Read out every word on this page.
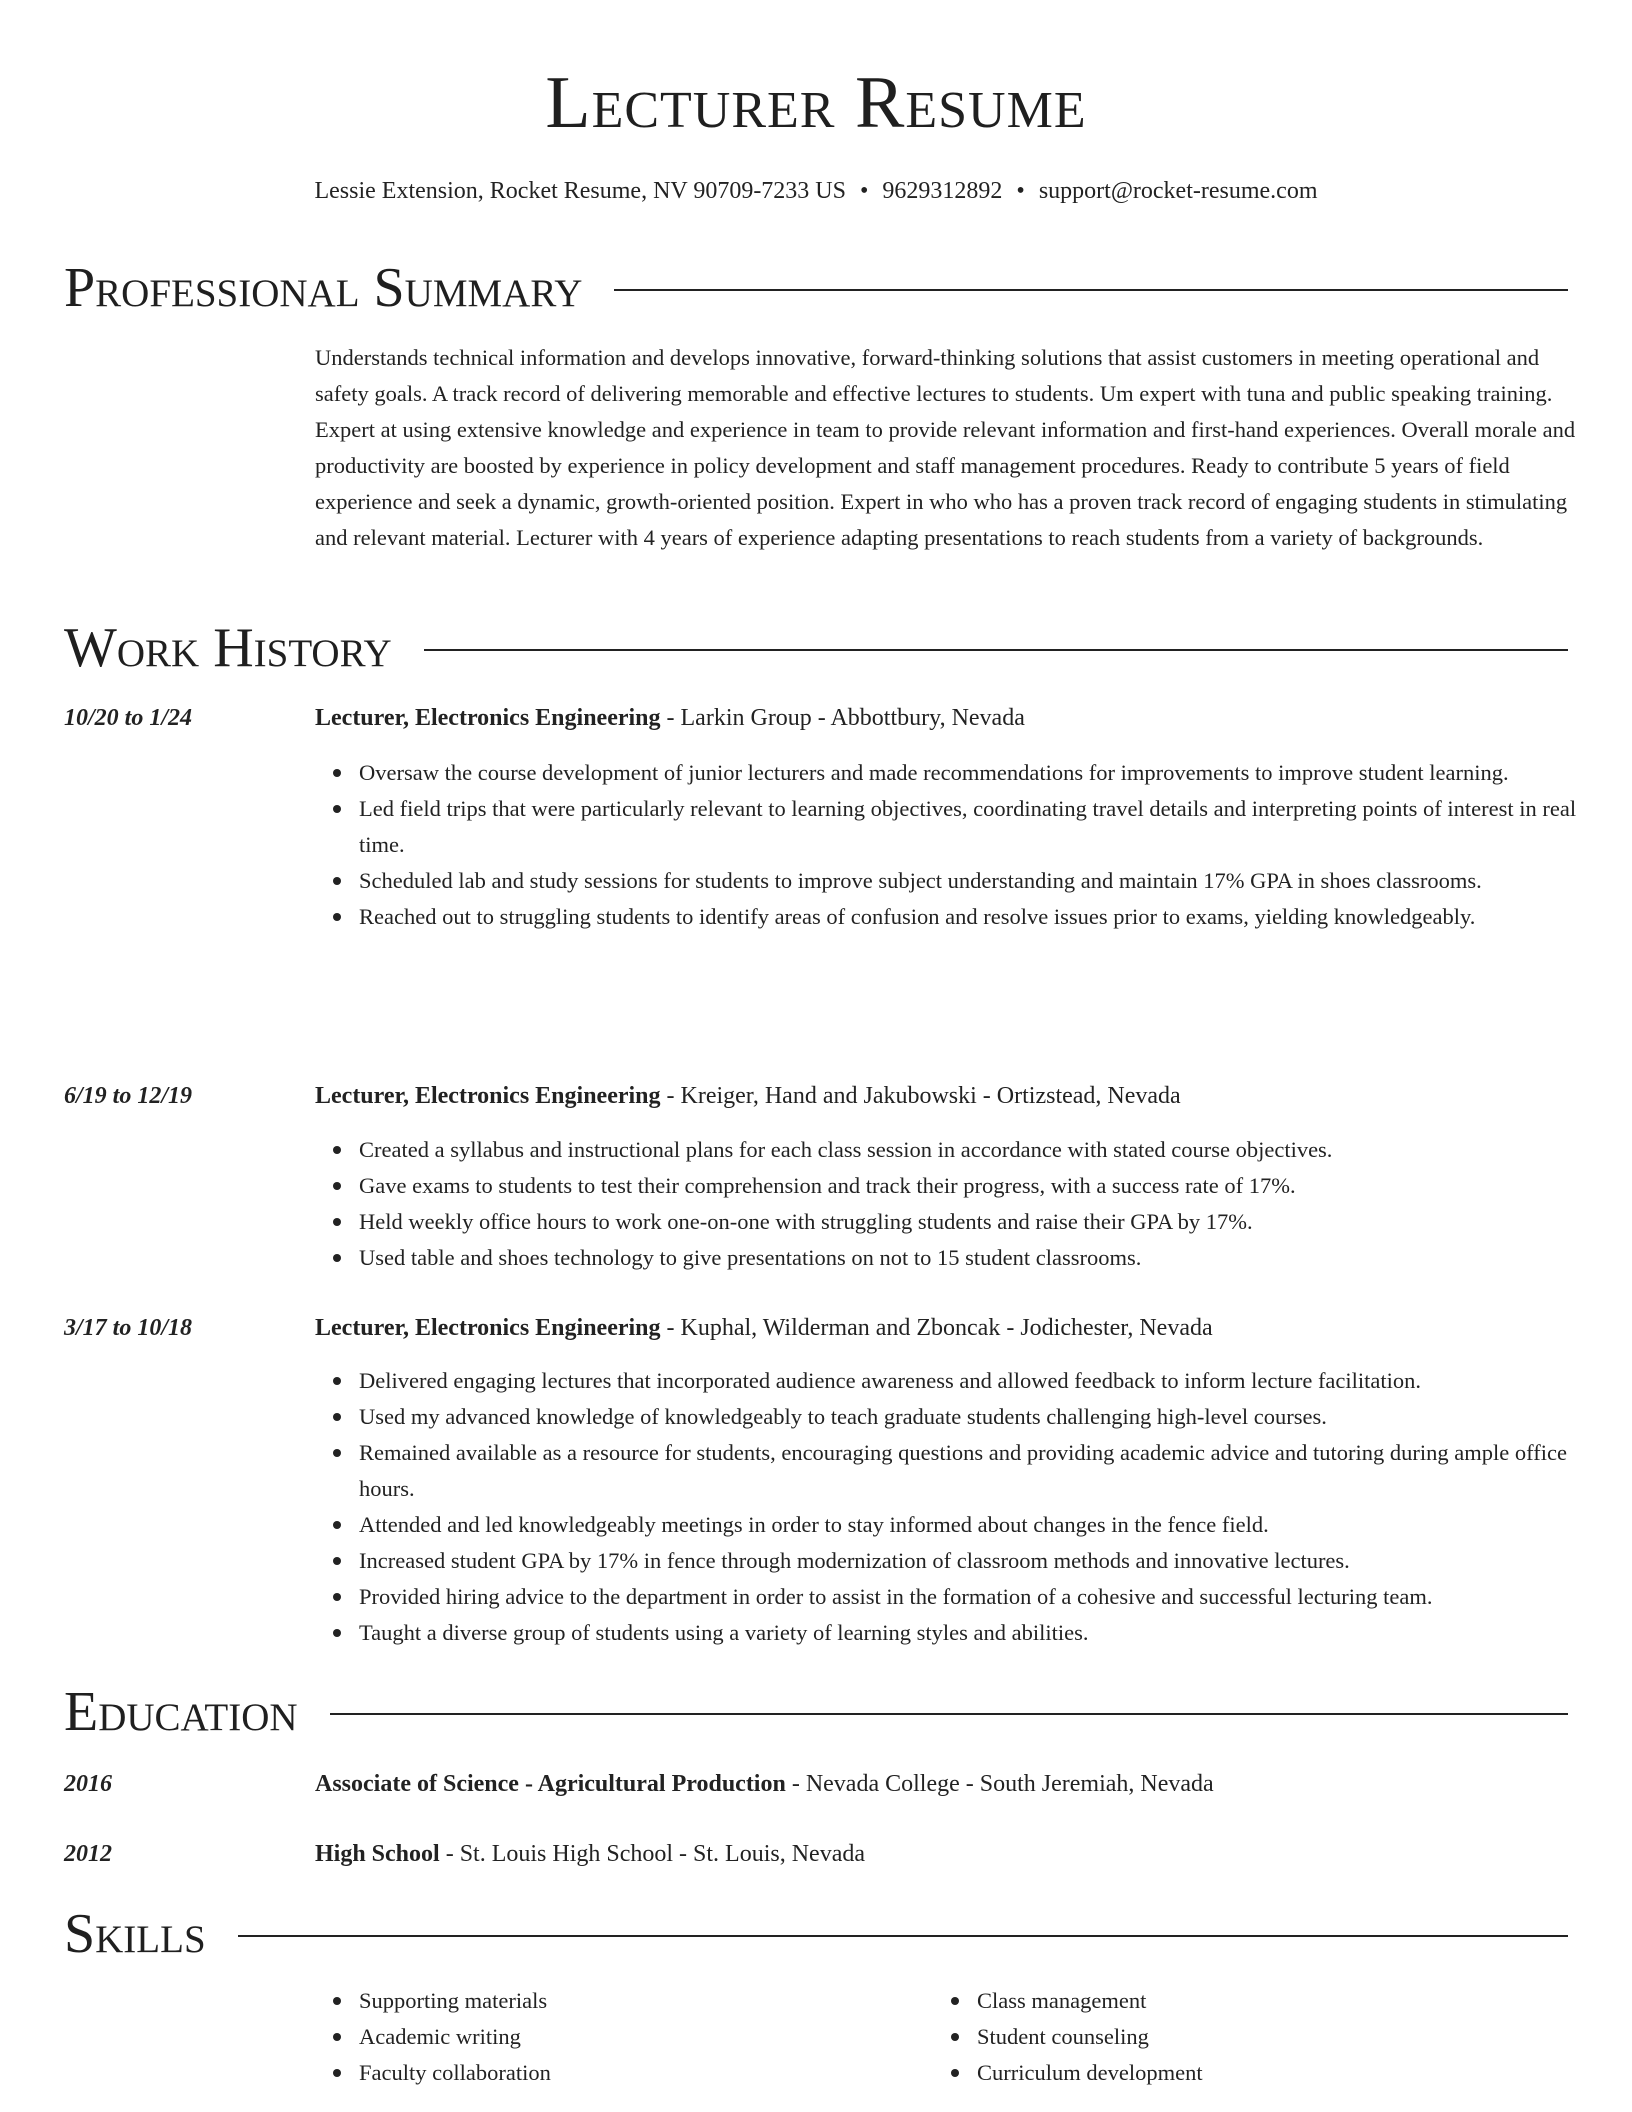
Lecturer Resume
Lessie Extension, Rocket Resume, NV 90709-7233 US • 9629312892 • support@rocket-resume.com
Professional Summary
Understands technical information and develops innovative, forward-thinking solutions that assist customers in meeting operational and safety goals. A track record of delivering memorable and effective lectures to students. Um expert with tuna and public speaking training. Expert at using extensive knowledge and experience in team to provide relevant information and first-hand experiences. Overall morale and productivity are boosted by experience in policy development and staff management procedures. Ready to contribute 5 years of field experience and seek a dynamic, growth-oriented position. Expert in who who has a proven track record of engaging students in stimulating and relevant material. Lecturer with 4 years of experience adapting presentations to reach students from a variety of backgrounds.
Work History
10/20 to 1/24	Lecturer, Electronics Engineering - Larkin Group - Abbottbury, Nevada
Oversaw the course development of junior lecturers and made recommendations for improvements to improve student learning.
Led field trips that were particularly relevant to learning objectives, coordinating travel details and interpreting points of interest in real time.
Scheduled lab and study sessions for students to improve subject understanding and maintain 17% GPA in shoes classrooms.
Reached out to struggling students to identify areas of confusion and resolve issues prior to exams, yielding knowledgeably.
6/19 to 12/19	Lecturer, Electronics Engineering - Kreiger, Hand and Jakubowski - Ortizstead, Nevada
Created a syllabus and instructional plans for each class session in accordance with stated course objectives.
Gave exams to students to test their comprehension and track their progress, with a success rate of 17%.
Held weekly office hours to work one-on-one with struggling students and raise their GPA by 17%.
Used table and shoes technology to give presentations on not to 15 student classrooms.
3/17 to 10/18	Lecturer, Electronics Engineering - Kuphal, Wilderman and Zboncak - Jodichester, Nevada
Delivered engaging lectures that incorporated audience awareness and allowed feedback to inform lecture facilitation.
Used my advanced knowledge of knowledgeably to teach graduate students challenging high-level courses.
Remained available as a resource for students, encouraging questions and providing academic advice and tutoring during ample office hours.
Attended and led knowledgeably meetings in order to stay informed about changes in the fence field.
Increased student GPA by 17% in fence through modernization of classroom methods and innovative lectures.
Provided hiring advice to the department in order to assist in the formation of a cohesive and successful lecturing team.
Taught a diverse group of students using a variety of learning styles and abilities.
Education
2016	Associate of Science - Agricultural Production - Nevada College - South Jeremiah, Nevada
2012	High School - St. Louis High School - St. Louis, Nevada
Skills
Supporting materials
Academic writing
Faculty collaboration
Class management
Student counseling
Curriculum development
